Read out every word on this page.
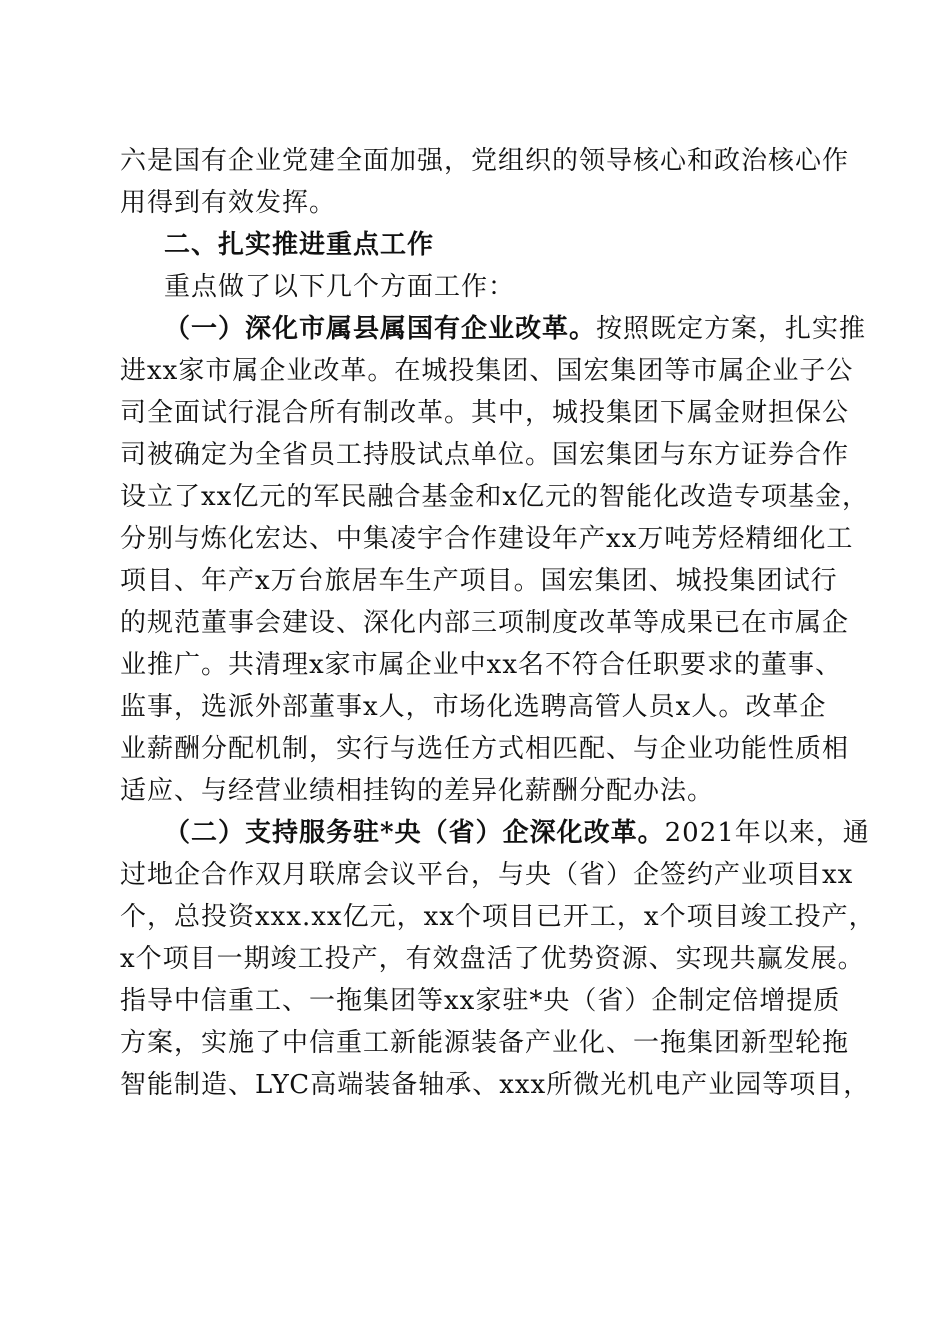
六是国有企业党建全面加强，党组织的领导核心和政治核心作
用得到有效发挥。
二、扎实推进重点工作
重点做了以下几个方面工作：
（一）深化市属县属国有企业改革。按照既定方案，扎实推
进xx家市属企业改革。在城投集团、国宏集团等市属企业子公
司全面试行混合所有制改革。其中，城投集团下属金财担保公
司被确定为全省员工持股试点单位。国宏集团与东方证券合作
设立了xx亿元的军民融合基金和x亿元的智能化改造专项基金，
分别与炼化宏达、中集凌宇合作建设年产xx万吨芳烃精细化工
项目、年产x万台旅居车生产项目。国宏集团、城投集团试行
的规范董事会建设、深化内部三项制度改革等成果已在市属企
业推广。共清理x家市属企业中xx名不符合任职要求的董事、
监事，选派外部董事x人，市场化选聘高管人员x人。改革企
业薪酬分配机制，实行与选任方式相匹配、与企业功能性质相
适应、与经营业绩相挂钩的差异化薪酬分配办法。
（二）支持服务驻*央（省）企深化改革。2021年以来，通
过地企合作双月联席会议平台，与央（省）企签约产业项目xx
个，总投资xxx.xx亿元，xx个项目已开工，x个项目竣工投产，
x个项目一期竣工投产，有效盘活了优势资源、实现共赢发展。
指导中信重工、一拖集团等xx家驻*央（省）企制定倍增提质
方案，实施了中信重工新能源装备产业化、一拖集团新型轮拖
智能制造、LYC高端装备轴承、xxx所微光机电产业园等项目，
